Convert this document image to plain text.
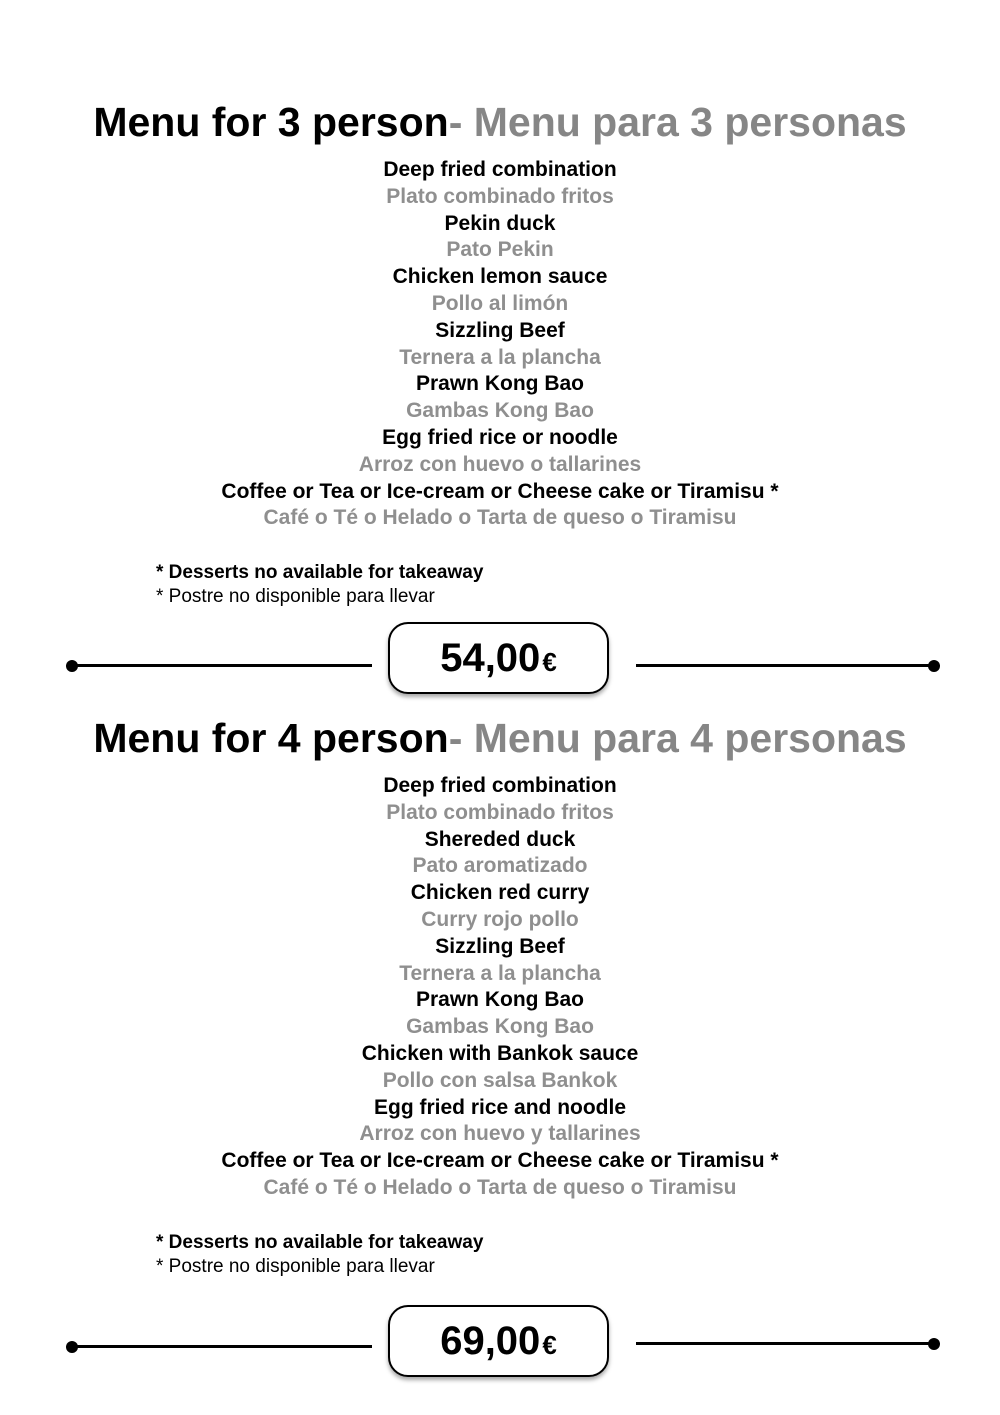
Menu for 3 person- Menu para 3 personas
Deep fried combination
Plato combinado fritos
Pekin duck
Pato Pekin
Chicken lemon sauce
Pollo al limón
Sizzling Beef
Ternera a la plancha
Prawn Kong Bao
Gambas Kong Bao
Egg fried rice or noodle
Arroz con huevo o tallarines
Coffee or Tea or Ice-cream or Cheese cake or Tiramisu *
Café o Té o Helado o Tarta de queso o Tiramisu
* Desserts no available for takeaway
* Postre no disponible para llevar
54,00 €
Menu for 4 person- Menu para 4 personas
Deep fried combination
Plato combinado fritos
Shereded duck
Pato aromatizado
Chicken red curry
Curry rojo pollo
Sizzling Beef
Ternera a la plancha
Prawn Kong Bao
Gambas Kong Bao
Chicken with Bankok sauce
Pollo con salsa Bankok
Egg fried rice and noodle
Arroz con huevo y tallarines
Coffee or Tea or Ice-cream or Cheese cake or Tiramisu *
Café o Té o Helado o Tarta de queso o Tiramisu
* Desserts no available for takeaway
* Postre no disponible para llevar
69,00 €
